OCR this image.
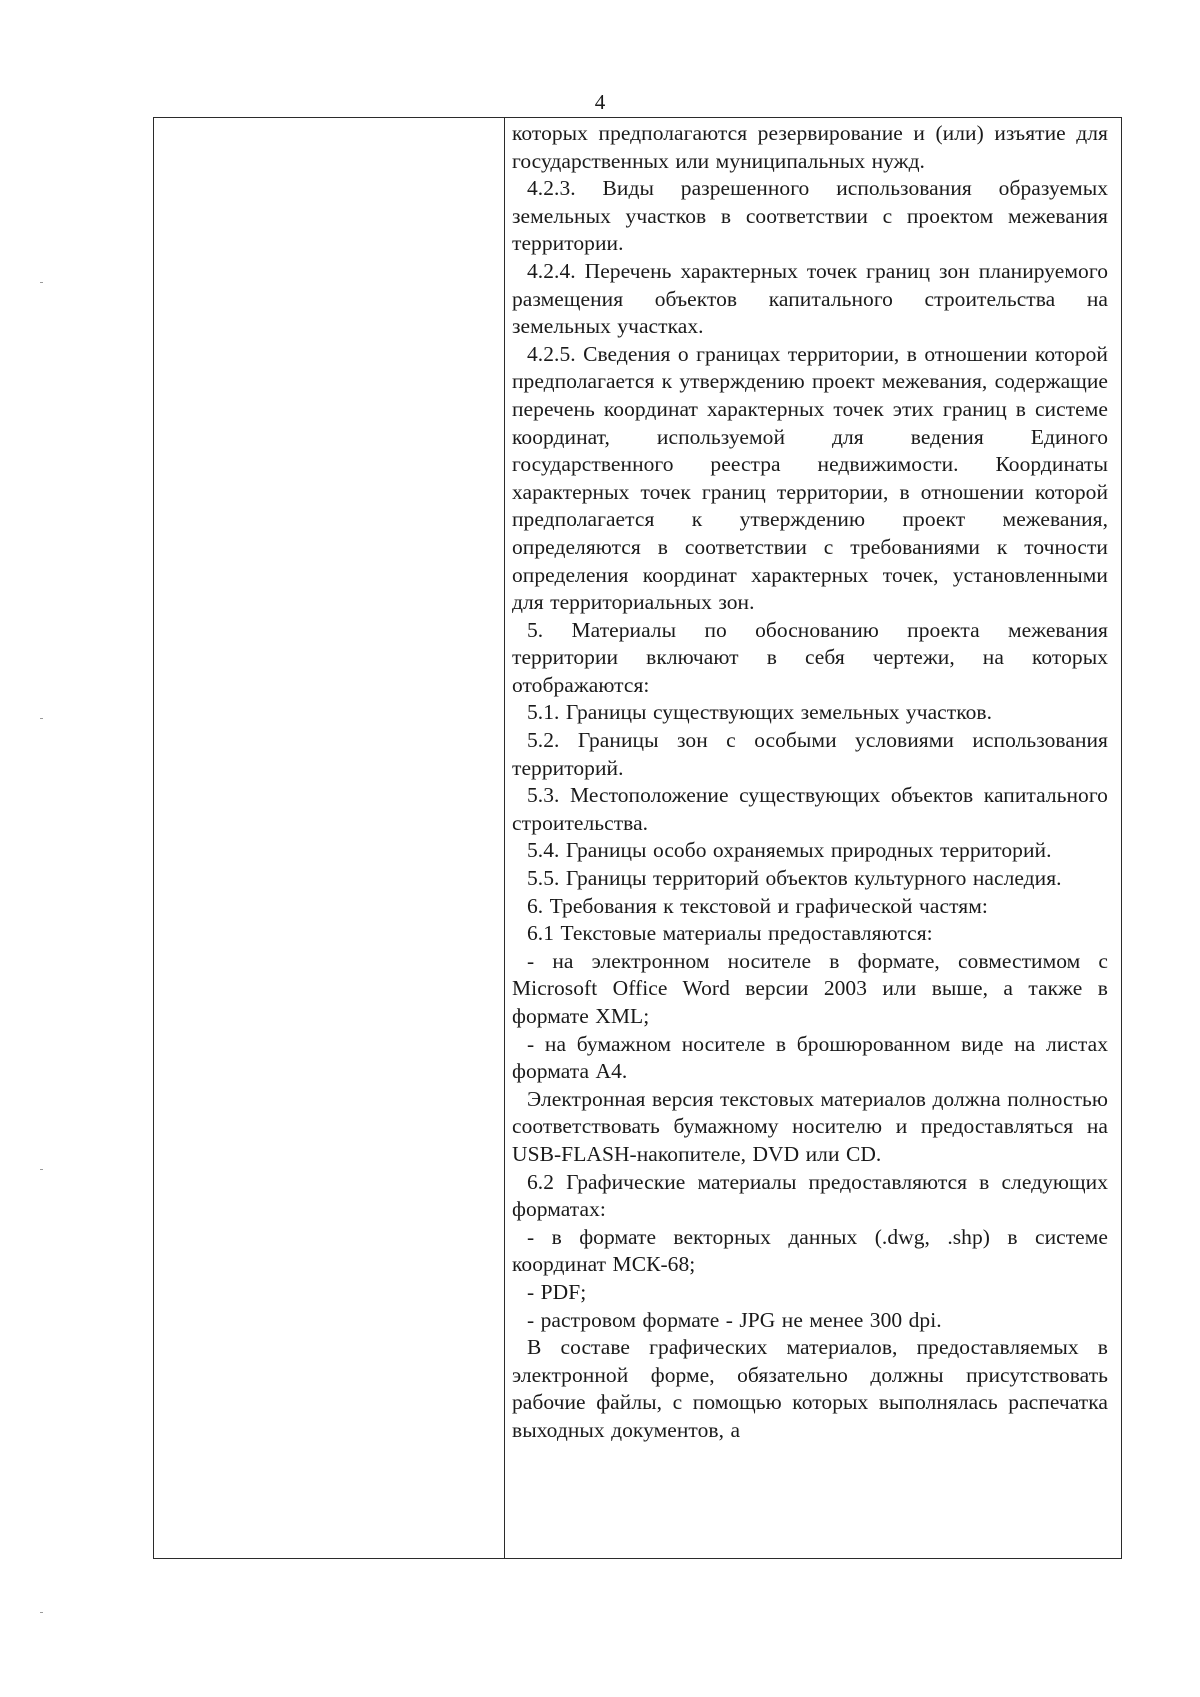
4

которых предполагаются резервирование и (или) изъятие для государственных или муниципальных нужд.

4.2.3. Виды разрешенного использования образуемых земельных участков в соответствии с проектом межевания территории.

4.2.4. Перечень характерных точек границ зон планируемого размещения объектов капитального строительства на земельных участках.

4.2.5. Сведения о границах территории, в отношении которой предполагается к утверждению проект межевания, содержащие перечень координат характерных точек этих границ в системе координат, используемой для ведения Единого государственного реестра недвижимости. Координаты характерных точек границ территории, в отношении которой предполагается к утверждению проект межевания, определяются в соответствии с требованиями к точности определения координат характерных точек, установленными для территориальных зон.

5. Материалы по обоснованию проекта межевания территории включают в себя чертежи, на которых отображаются:

5.1. Границы существующих земельных участков.

5.2. Границы зон с особыми условиями использования территорий.

5.3. Местоположение существующих объектов капитального строительства.

5.4. Границы особо охраняемых природных территорий.

5.5. Границы территорий объектов культурного наследия.

6. Требования к текстовой и графической частям:

6.1 Текстовые материалы предоставляются:

- на электронном носителе в формате, совместимом с Microsoft Office Word версии 2003 или выше, а также в формате XML;

- на бумажном носителе в брошюрованном виде на листах формата А4.

Электронная версия текстовых материалов должна полностью соответствовать бумажному носителю и предоставляться на USB-FLASH-накопителе, DVD или CD.

6.2 Графические материалы предоставляются в следующих форматах:

- в формате векторных данных (.dwg, .shp) в системе координат МСК-68;

- PDF;

- растровом формате - JPG не менее 300 dpi.

В составе графических материалов, предоставляемых в электронной форме, обязательно должны присутствовать рабочие файлы, с помощью которых выполнялась распечатка выходных документов, а
